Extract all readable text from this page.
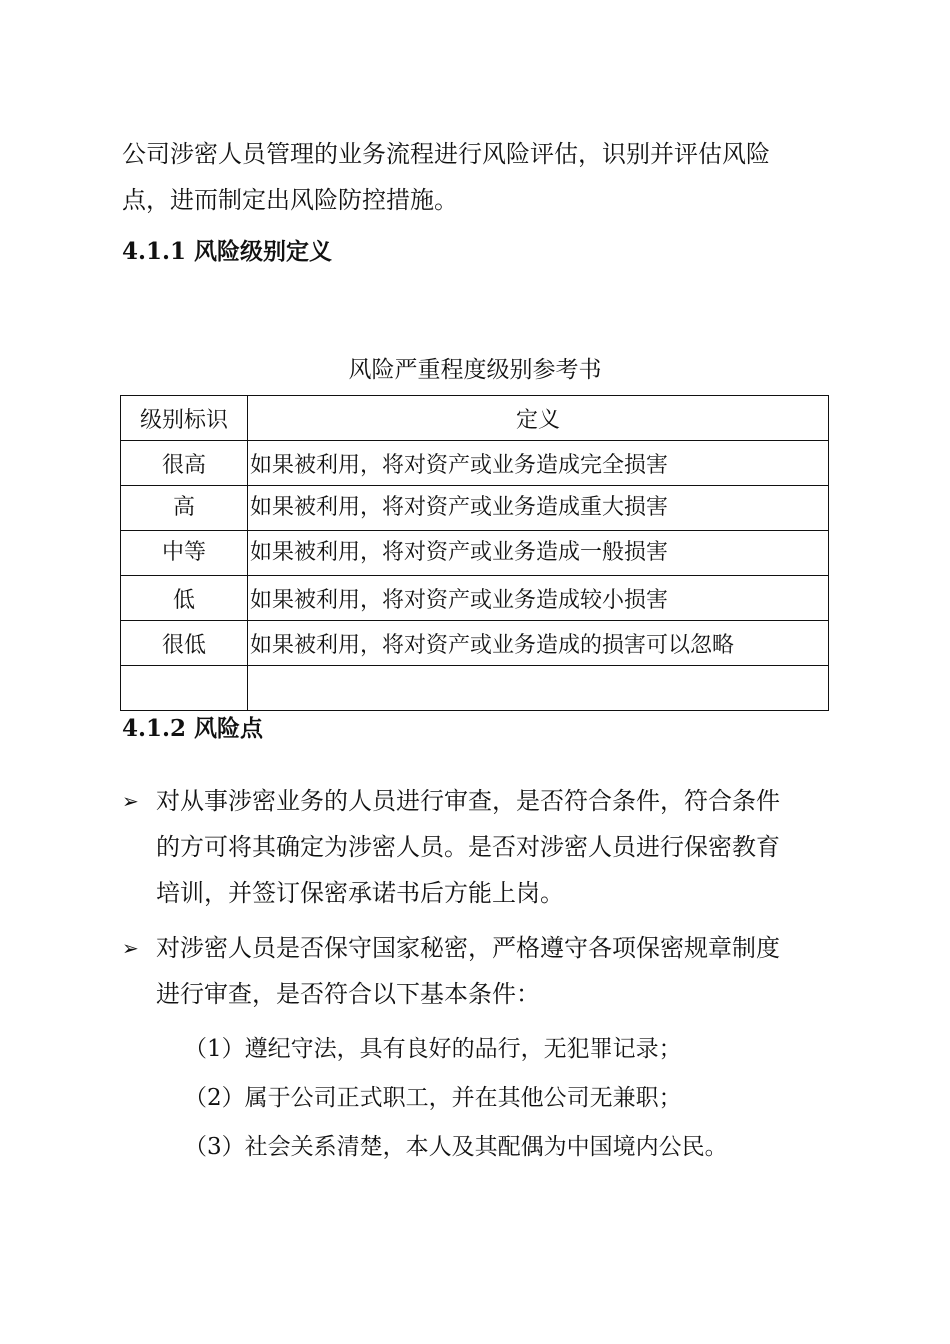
公司涉密人员管理的业务流程进行风险评估，识别并评估风险
点，进而制定出风险防控措施。
4.1.1 风险级别定义
风险严重程度级别参考书
级别标识	定义
很高	如果被利用，将对资产或业务造成完全损害
高	如果被利用，将对资产或业务造成重大损害
中等	如果被利用，将对资产或业务造成一般损害
低	如果被利用，将对资产或业务造成较小损害
很低	如果被利用，将对资产或业务造成的损害可以忽略

4.1.2 风险点
➢ 对从事涉密业务的人员进行审查，是否符合条件，符合条件
的方可将其确定为涉密人员。是否对涉密人员进行保密教育
培训，并签订保密承诺书后方能上岗。
➢ 对涉密人员是否保守国家秘密，严格遵守各项保密规章制度
进行审查，是否符合以下基本条件：
（1）遵纪守法，具有良好的品行，无犯罪记录；
（2）属于公司正式职工，并在其他公司无兼职；
（3）社会关系清楚，本人及其配偶为中国境内公民。
